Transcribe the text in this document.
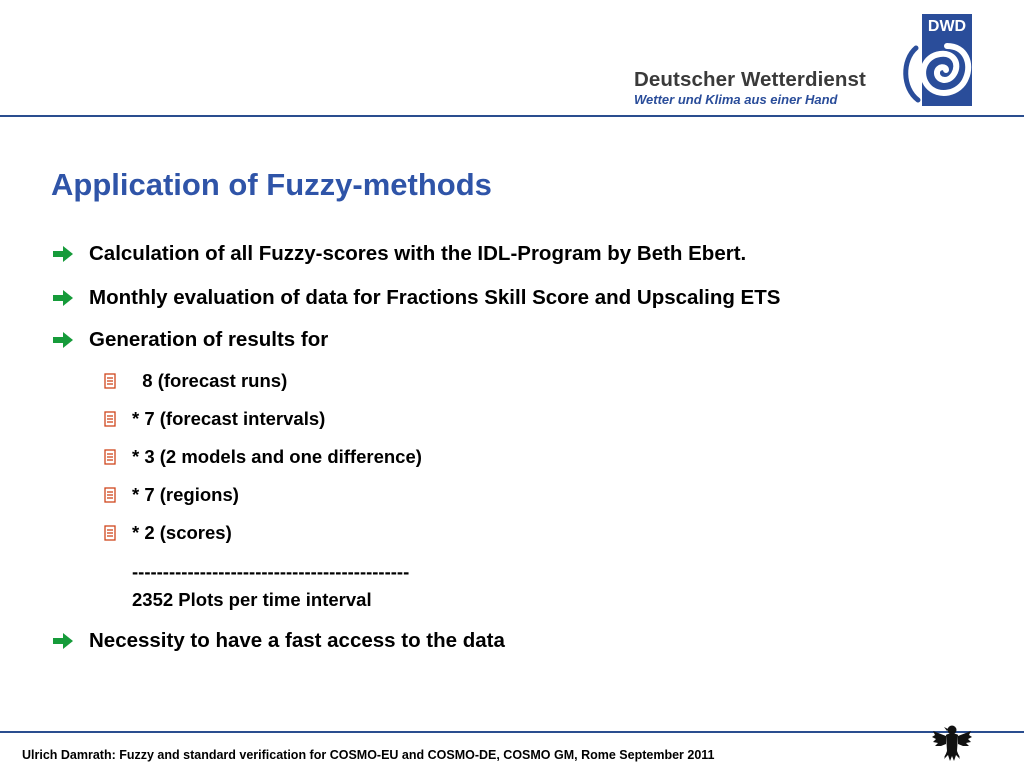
Deutscher Wetterdienst
Wetter und Klima aus einer Hand
DWD
Application of Fuzzy-methods
Calculation of all Fuzzy-scores with the IDL-Program by Beth Ebert.
Monthly evaluation of data for Fractions Skill Score and Upscaling ETS
Generation of results for
8 (forecast runs)
* 7 (forecast intervals)
* 3 (2 models and one difference)
* 7 (regions)
* 2 (scores)
---------------------------------------------
2352 Plots per time interval
Necessity to have a fast access to the data
Ulrich Damrath: Fuzzy and standard verification for COSMO-EU and COSMO-DE, COSMO GM, Rome September 2011
